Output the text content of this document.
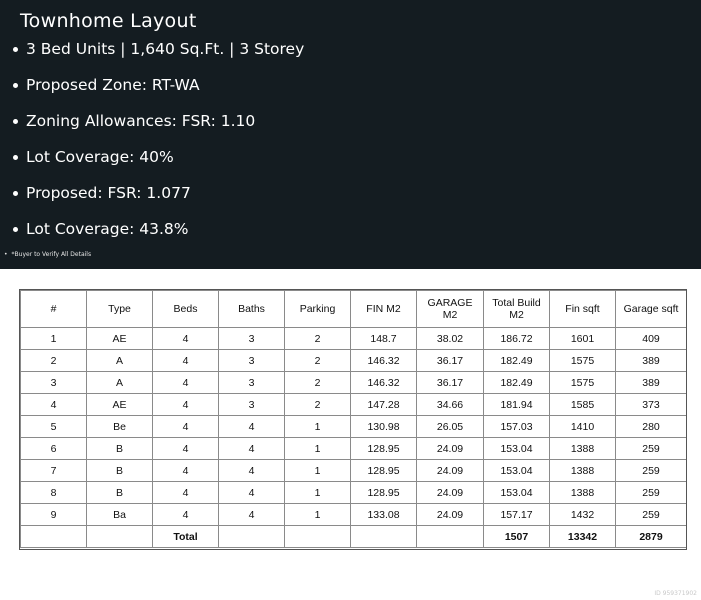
Townhome Layout
3 Bed Units | 1,640 Sq.Ft. | 3 Storey
Proposed Zone: RT-WA
Zoning Allowances: FSR: 1.10
Lot Coverage: 40%
Proposed: FSR: 1.077
Lot Coverage: 43.8%
• *Buyer to Verify All Details
#	Type	Beds	Baths	Parking	FIN M2	GARAGE M2	Total Build M2	Fin sqft	Garage sqft
1	AE	4	3	2	148.7	38.02	186.72	1601	409
2	A	4	3	2	146.32	36.17	182.49	1575	389
3	A	4	3	2	146.32	36.17	182.49	1575	389
4	AE	4	3	2	147.28	34.66	181.94	1585	373
5	Be	4	4	1	130.98	26.05	157.03	1410	280
6	B	4	4	1	128.95	24.09	153.04	1388	259
7	B	4	4	1	128.95	24.09	153.04	1388	259
8	B	4	4	1	128.95	24.09	153.04	1388	259
9	Ba	4	4	1	133.08	24.09	157.17	1432	259
		Total					1507	13342	2879
ID 959371902
